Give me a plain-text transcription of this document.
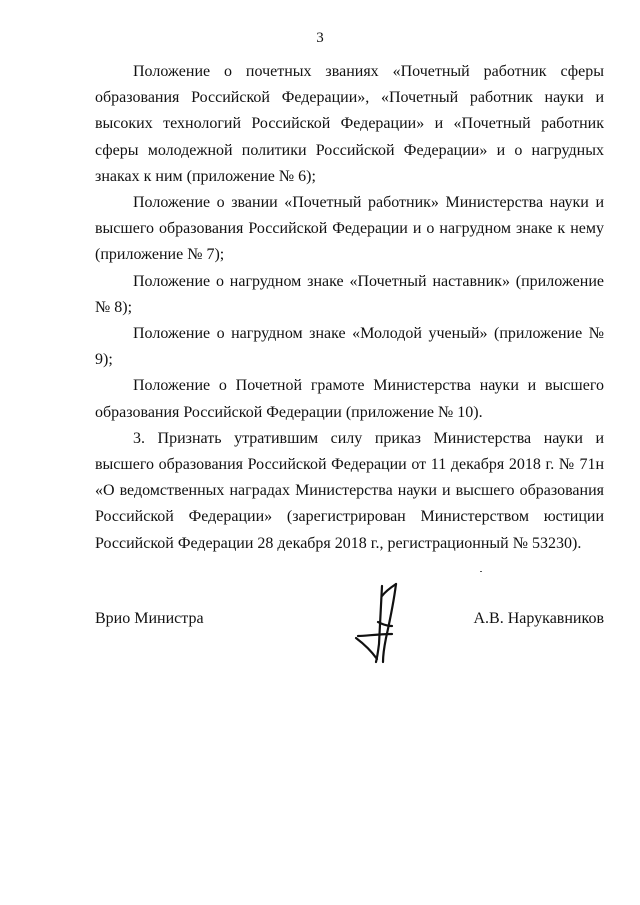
3

Положение о почетных званиях «Почетный работник сферы образования Российской Федерации», «Почетный работник науки и высоких технологий Российской Федерации» и «Почетный работник сферы молодежной политики Российской Федерации» и о нагрудных знаках к ним (приложение № 6);

Положение о звании «Почетный работник» Министерства науки и высшего образования Российской Федерации и о нагрудном знаке к нему (приложение № 7);

Положение о нагрудном знаке «Почетный наставник» (приложение № 8);

Положение о нагрудном знаке «Молодой ученый» (приложение № 9);

Положение о Почетной грамоте Министерства науки и высшего образования Российской Федерации (приложение № 10).

3. Признать утратившим силу приказ Министерства науки и высшего образования Российской Федерации от 11 декабря 2018 г. № 71н «О ведомственных наградах Министерства науки и высшего образования Российской Федерации» (зарегистрирован Министерством юстиции Российской Федерации 28 декабря 2018 г., регистрационный № 53230).

Врио Министра	А.В. Нарукавников
